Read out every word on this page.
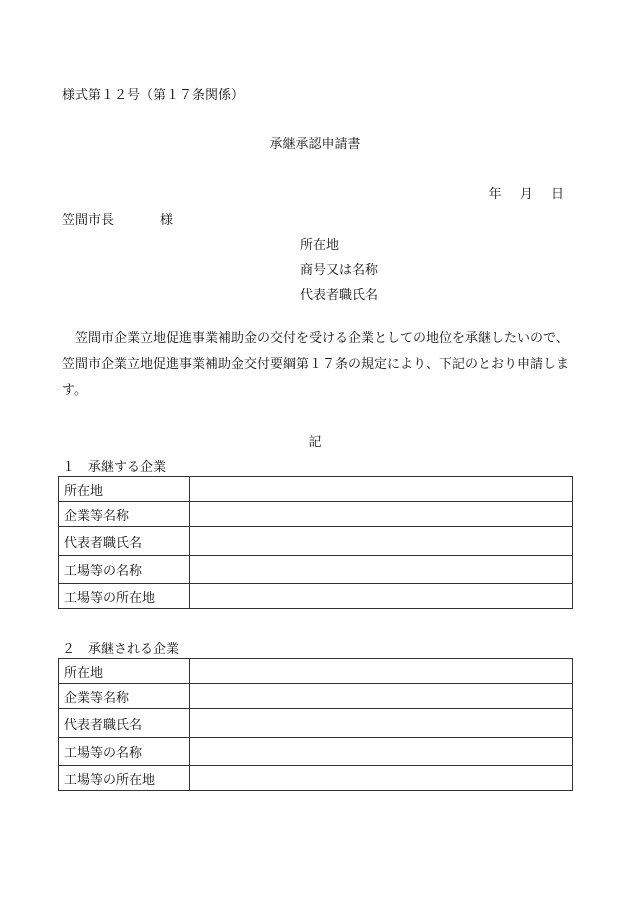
様式第１２号（第１７条関係）
承継承認申請書
年 月 日
笠間市長	様
所在地
商号又は名称
代表者職氏名
笠間市企業立地促進事業補助金の交付を受ける企業としての地位を承継したいので、笠間市企業立地促進事業補助金交付要綱第１７条の規定により、下記のとおり申請します。
記
１　承継する企業
所在地	
企業等名称	
代表者職氏名	
工場等の名称	
工場等の所在地	
２　承継される企業
所在地	
企業等名称	
代表者職氏名	
工場等の名称	
工場等の所在地	
